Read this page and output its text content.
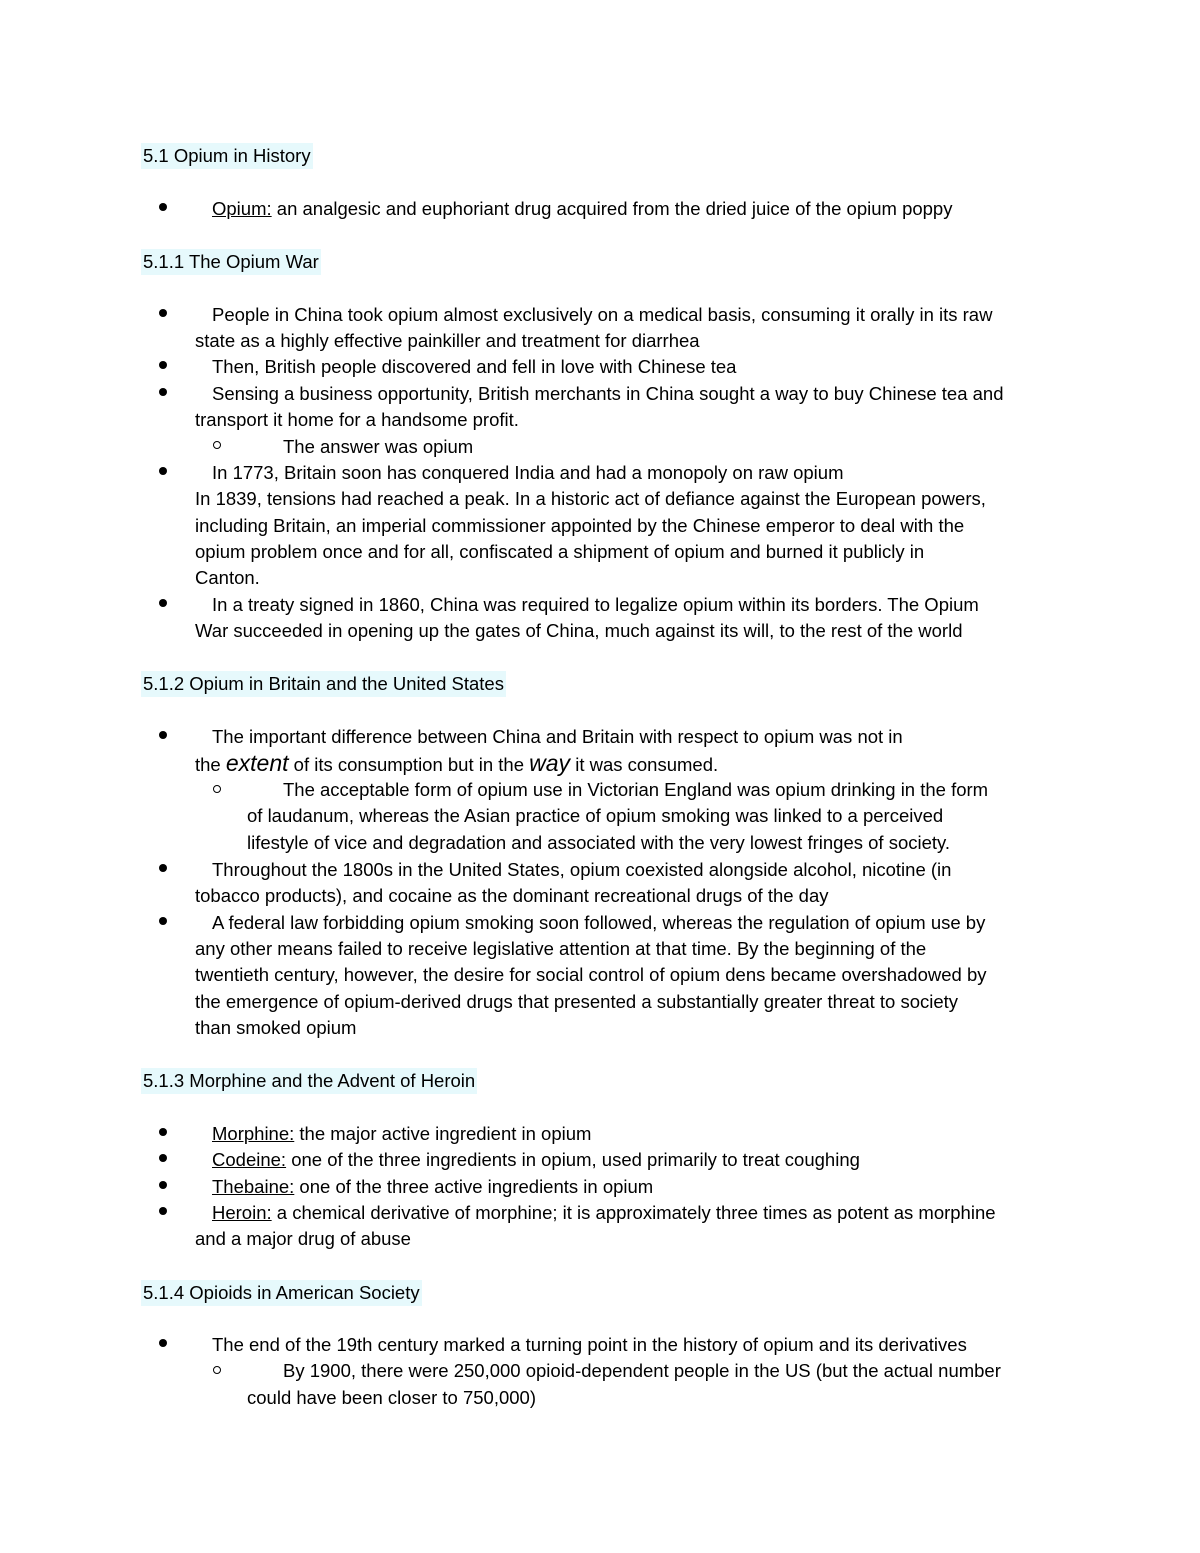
5.1 Opium in History
Opium: an analgesic and euphoriant drug acquired from the dried juice of the opium poppy
5.1.1 The Opium War
People in China took opium almost exclusively on a medical basis, consuming it orally in its raw
state as a highly effective painkiller and treatment for diarrhea
Then, British people discovered and fell in love with Chinese tea
Sensing a business opportunity, British merchants in China sought a way to buy Chinese tea and
transport it home for a handsome profit.
The answer was opium
In 1773, Britain soon has conquered India and had a monopoly on raw opium
In 1839, tensions had reached a peak. In a historic act of defiance against the European powers,
including Britain, an imperial commissioner appointed by the Chinese emperor to deal with the
opium problem once and for all, confiscated a shipment of opium and burned it publicly in
Canton.
In a treaty signed in 1860, China was required to legalize opium within its borders. The Opium
War succeeded in opening up the gates of China, much against its will, to the rest of the world
5.1.2 Opium in Britain and the United States
The important difference between China and Britain with respect to opium was not in
the extent of its consumption but in the way it was consumed.
The acceptable form of opium use in Victorian England was opium drinking in the form
of laudanum, whereas the Asian practice of opium smoking was linked to a perceived
lifestyle of vice and degradation and associated with the very lowest fringes of society.
Throughout the 1800s in the United States, opium coexisted alongside alcohol, nicotine (in
tobacco products), and cocaine as the dominant recreational drugs of the day
A federal law forbidding opium smoking soon followed, whereas the regulation of opium use by
any other means failed to receive legislative attention at that time. By the beginning of the
twentieth century, however, the desire for social control of opium dens became overshadowed by
the emergence of opium-derived drugs that presented a substantially greater threat to society
than smoked opium
5.1.3 Morphine and the Advent of Heroin
Morphine: the major active ingredient in opium
Codeine: one of the three ingredients in opium, used primarily to treat coughing
Thebaine: one of the three active ingredients in opium
Heroin: a chemical derivative of morphine; it is approximately three times as potent as morphine
and a major drug of abuse
5.1.4 Opioids in American Society
The end of the 19th century marked a turning point in the history of opium and its derivatives
By 1900, there were 250,000 opioid-dependent people in the US (but the actual number
could have been closer to 750,000)
